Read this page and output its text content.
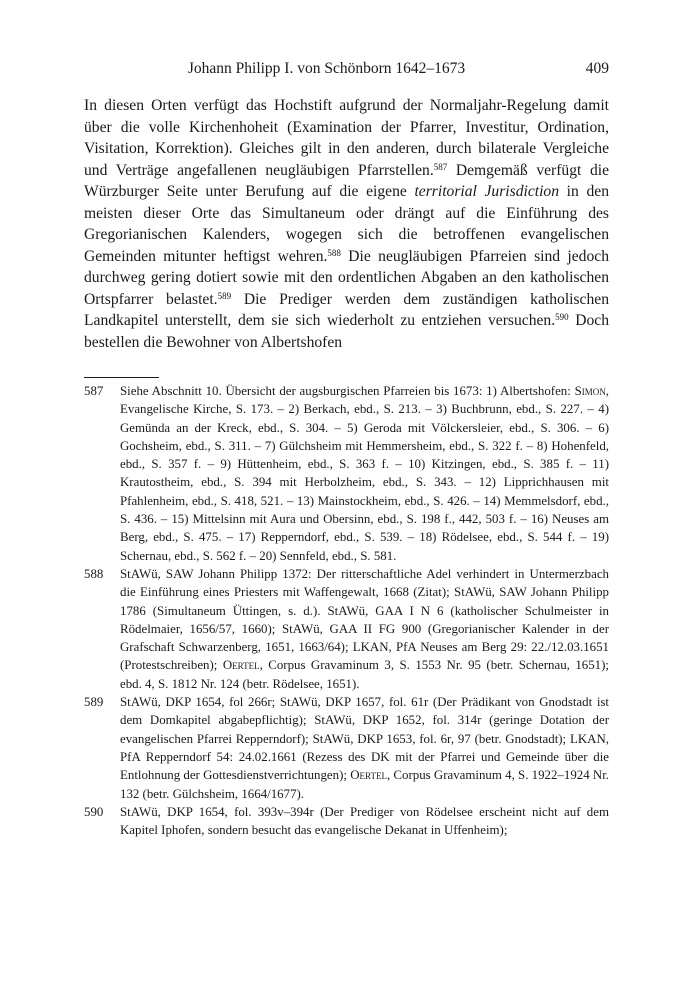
Johann Philipp I. von Schönborn 1642–1673	409

In diesen Orten verfügt das Hochstift aufgrund der Normaljahr-Regelung damit über die volle Kirchenhoheit (Examination der Pfarrer, Investitur, Ordination, Visitation, Korrektion). Gleiches gilt in den anderen, durch bilaterale Vergleiche und Verträge angefallenen neugläubigen Pfarrstellen.$^{587}$ Demgemäß verfügt die Würzburger Seite unter Berufung auf die eigene territorial Jurisdiction in den meisten dieser Orte das Simultaneum oder drängt auf die Einführung des Gregorianischen Kalenders, wogegen sich die betroffenen evangelischen Gemeinden mitunter heftigst wehren.$^{588}$ Die neugläubigen Pfarreien sind jedoch durchweg gering dotiert sowie mit den ordentlichen Abgaben an den katholischen Ortspfarrer belastet.$^{589}$ Die Prediger werden dem zuständigen katholischen Landkapitel unterstellt, dem sie sich wiederholt zu entziehen versuchen.$^{590}$ Doch bestellen die Bewohner von Albertshofen

587 Siehe Abschnitt 10. Übersicht der augsburgischen Pfarreien bis 1673: 1) Albertshofen: Simon, Evangelische Kirche, S. 173. – 2) Berkach, ebd., S. 213. – 3) Buchbrunn, ebd., S. 227. – 4) Gemünda an der Kreck, ebd., S. 304. – 5) Geroda mit Völckersleier, ebd., S. 306. – 6) Gochsheim, ebd., S. 311. – 7) Gülchsheim mit Hemmersheim, ebd., S. 322 f. – 8) Hohenfeld, ebd., S. 357 f. – 9) Hüttenheim, ebd., S. 363 f. – 10) Kitzingen, ebd., S. 385 f. – 11) Krautostheim, ebd., S. 394 mit Herbolzheim, ebd., S. 343. – 12) Lipprichhausen mit Pfahlenheim, ebd., S. 418, 521. – 13) Mainstockheim, ebd., S. 426. – 14) Memmelsdorf, ebd., S. 436. – 15) Mittelsinn mit Aura und Obersinn, ebd., S. 198 f., 442, 503 f. – 16) Neuses am Berg, ebd., S. 475. – 17) Repperndorf, ebd., S. 539. – 18) Rödelsee, ebd., S. 544 f. – 19) Schernau, ebd., S. 562 f. – 20) Sennfeld, ebd., S. 581.
588 StAWü, SAW Johann Philipp 1372: Der ritterschaftliche Adel verhindert in Untermerzbach die Einführung eines Priesters mit Waffengewalt, 1668 (Zitat); StAWü, SAW Johann Philipp 1786 (Simultaneum Üttingen, s. d.). StAWü, GAA I N 6 (katholischer Schulmeister in Rödelmaier, 1656/57, 1660); StAWü, GAA II FG 900 (Gregorianischer Kalender in der Grafschaft Schwarzenberg, 1651, 1663/64); LKAN, PfA Neuses am Berg 29: 22./12.03.1651 (Protestschreiben); Oertel, Corpus Gravaminum 3, S. 1553 Nr. 95 (betr. Schernau, 1651); ebd. 4, S. 1812 Nr. 124 (betr. Rödelsee, 1651).
589 StAWü, DKP 1654, fol 266r; StAWü, DKP 1657, fol. 61r (Der Prädikant von Gnodstadt ist dem Domkapitel abgabepflichtig); StAWü, DKP 1652, fol. 314r (geringe Dotation der evangelischen Pfarrei Repperndorf); StAWü, DKP 1653, fol. 6r, 97 (betr. Gnodstadt); LKAN, PfA Repperndorf 54: 24.02.1661 (Rezess des DK mit der Pfarrei und Gemeinde über die Entlohnung der Gottesdienstverrichtungen); Oertel, Corpus Gravaminum 4, S. 1922–1924 Nr. 132 (betr. Gülchsheim, 1664/1677).
590 StAWü, DKP 1654, fol. 393v–394r (Der Prediger von Rödelsee erscheint nicht auf dem Kapitel Iphofen, sondern besucht das evangelische Dekanat in Uffenheim);
